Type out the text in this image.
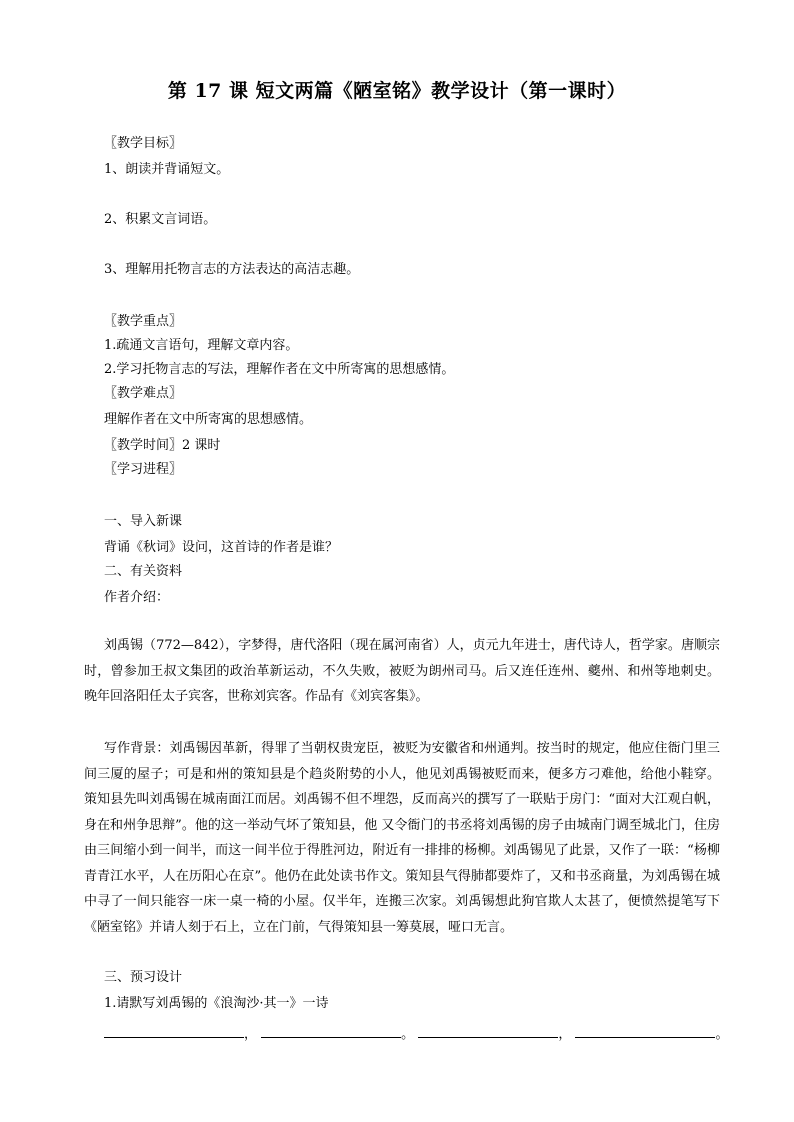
第 17 课 短文两篇《陋室铭》教学设计（第一课时）
〖教学目标〗
1、朗读并背诵短文。
2、积累文言词语。
3、理解用托物言志的方法表达的高洁志趣。
〖教学重点〗
1.疏通文言语句，理解文章内容。
2.学习托物言志的写法，理解作者在文中所寄寓的思想感情。
〖教学难点〗
理解作者在文中所寄寓的思想感情。
〖教学时间〗2 课时
〖学习进程〗
一、导入新课
背诵《秋词》设问，这首诗的作者是谁？
二、有关资料
作者介绍：
刘禹锡（772—842），字梦得，唐代洛阳（现在属河南省）人，贞元九年进士，唐代诗人，哲学家。唐顺宗时，曾参加王叔文集团的政治革新运动，不久失败，被贬为朗州司马。后又连任连州、夔州、和州等地刺史。晚年回洛阳任太子宾客，世称刘宾客。作品有《刘宾客集》。
写作背景：刘禹锡因革新，得罪了当朝权贵宠臣，被贬为安徽省和州通判。按当时的规定，他应住衙门里三间三厦的屋子；可是和州的策知县是个趋炎附势的小人，他见刘禹锡被贬而来，便多方刁难他，给他小鞋穿。策知县先叫刘禹锡在城南面江而居。刘禹锡不但不埋怨，反而高兴的撰写了一联贴于房门：“面对大江观白帆，身在和州争思辩”。他的这一举动气坏了策知县，他 又令衙门的书丞将刘禹锡的房子由城南门调至城北门，住房由三间缩小到一间半，而这一间半位于得胜河边，附近有一排排的杨柳。刘禹锡见了此景，又作了一联：“杨柳青青江水平，人在历阳心在京”。他仍在此处读书作文。策知县气得肺都要炸了，又和书丞商量，为刘禹锡在城中寻了一间只能容一床一桌一椅的小屋。仅半年，连搬三次家。刘禹锡想此狗官欺人太甚了，便愤然提笔写下《陋室铭》并请人刻于石上，立在门前，气得策知县一筹莫展，哑口无言。
三、预习设计
1.请默写刘禹锡的《浪淘沙·其一》一诗
，	。	，	。
